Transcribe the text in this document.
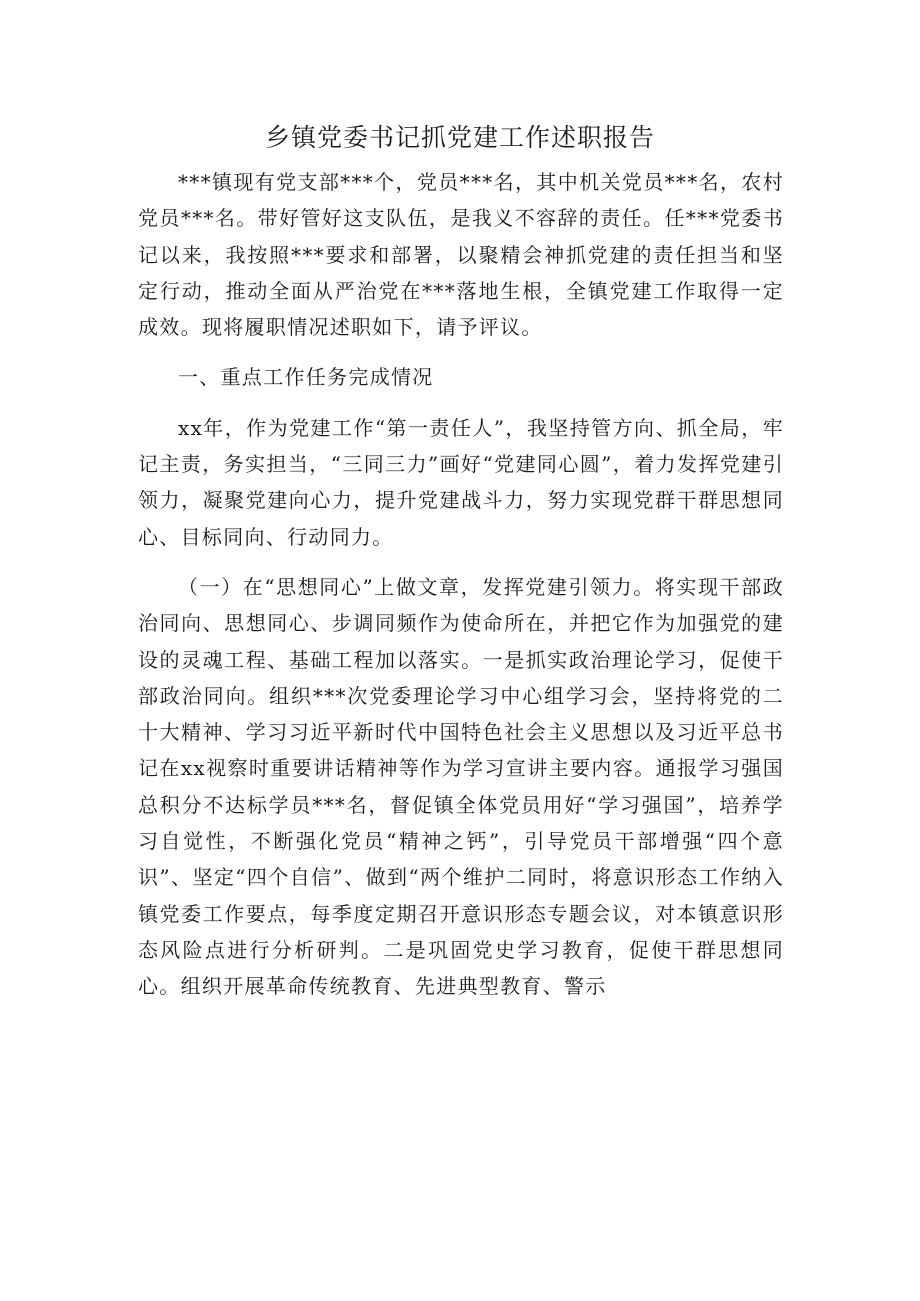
乡镇党委书记抓党建工作述职报告

***镇现有党支部***个，党员***名，其中机关党员***名，农村党员***名。带好管好这支队伍，是我义不容辞的责任。任***党委书记以来，我按照***要求和部署，以聚精会神抓党建的责任担当和坚定行动，推动全面从严治党在***落地生根，全镇党建工作取得一定成效。现将履职情况述职如下，请予评议。

一、重点工作任务完成情况

xx年，作为党建工作“第一责任人”，我坚持管方向、抓全局，牢记主责，务实担当，“三同三力”画好“党建同心圆”，着力发挥党建引领力，凝聚党建向心力，提升党建战斗力，努力实现党群干群思想同心、目标同向、行动同力。

（一）在“思想同心”上做文章，发挥党建引领力。将实现干部政治同向、思想同心、步调同频作为使命所在，并把它作为加强党的建设的灵魂工程、基础工程加以落实。一是抓实政治理论学习，促使干部政治同向。组织***次党委理论学习中心组学习会，坚持将党的二十大精神、学习习近平新时代中国特色社会主义思想以及习近平总书记在xx视察时重要讲话精神等作为学习宣讲主要内容。通报学习强国总积分不达标学员***名，督促镇全体党员用好“学习强国”，培养学习自觉性，不断强化党员“精神之钙”，引导党员干部增强“四个意识”、坚定“四个自信”、做到“两个维护二同时，将意识形态工作纳入镇党委工作要点，每季度定期召开意识形态专题会议，对本镇意识形态风险点进行分析研判。二是巩固党史学习教育，促使干群思想同心。组织开展革命传统教育、先进典型教育、警示
